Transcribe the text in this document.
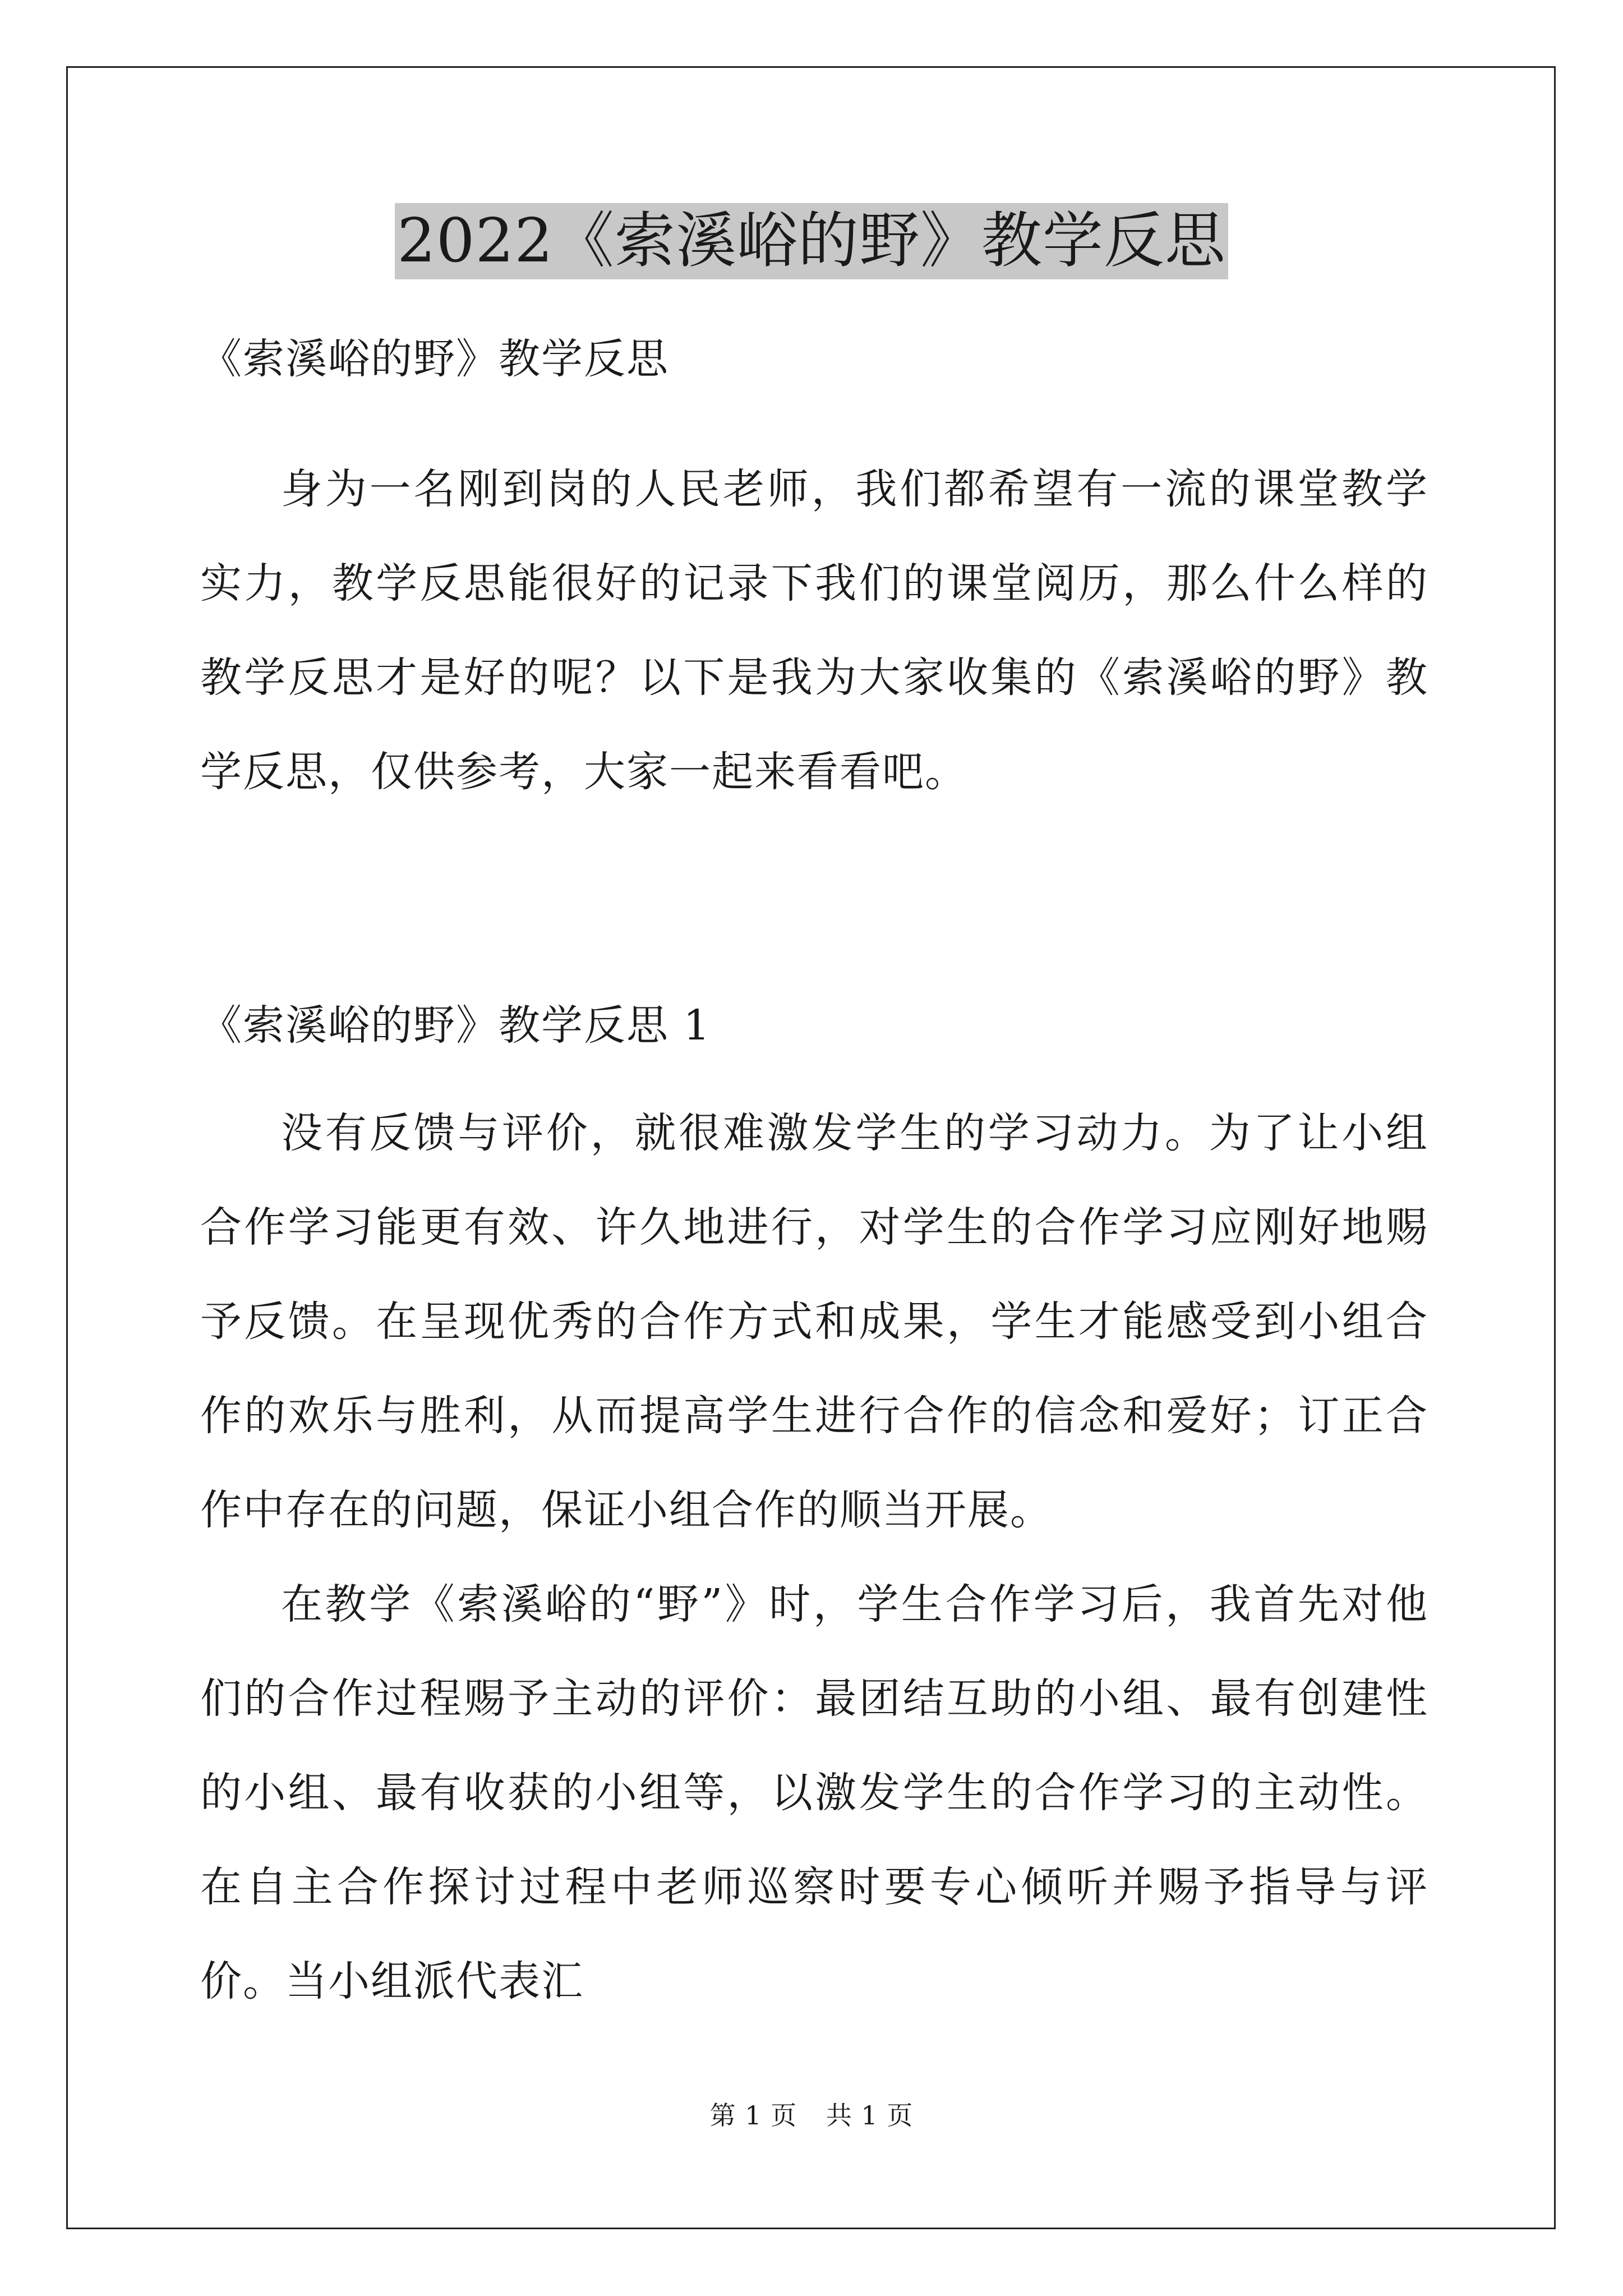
2022《索溪峪的野》教学反思
《索溪峪的野》教学反思

身为一名刚到岗的人民老师，我们都希望有一流的课堂教学实力，教学反思能很好的记录下我们的课堂阅历，那么什么样的教学反思才是好的呢？以下是我为大家收集的《索溪峪的野》教学反思，仅供参考，大家一起来看看吧。

《索溪峪的野》教学反思 1

没有反馈与评价，就很难激发学生的学习动力。为了让小组合作学习能更有效、许久地进行，对学生的合作学习应刚好地赐予反馈。在呈现优秀的合作方式和成果，学生才能感受到小组合作的欢乐与胜利，从而提高学生进行合作的信念和爱好；订正合作中存在的问题，保证小组合作的顺当开展。

在教学《索溪峪的“野”》时，学生合作学习后，我首先对他们的合作过程赐予主动的评价：最团结互助的小组、最有创建性的小组、最有收获的小组等，以激发学生的合作学习的主动性。在自主合作探讨过程中老师巡察时要专心倾听并赐予指导与评价。当小组派代表汇

第 1 页 共 1 页
